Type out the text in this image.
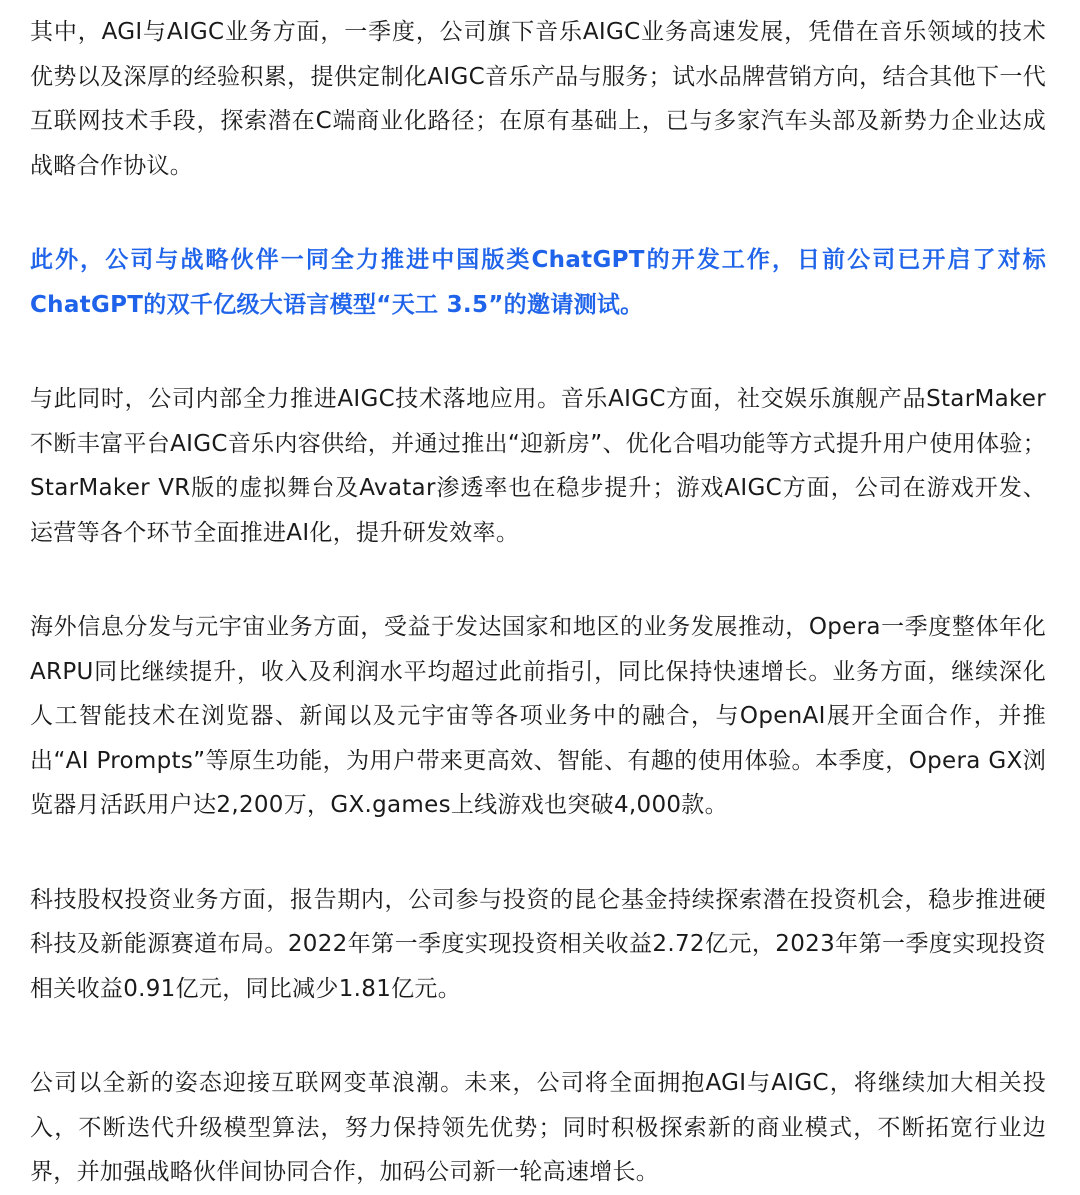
其中，AGI与AIGC业务方面，一季度，公司旗下音乐AIGC业务高速发展，凭借在音乐领域的技术优势以及深厚的经验积累，提供定制化AIGC音乐产品与服务；试水品牌营销方向，结合其他下一代互联网技术手段，探索潜在C端商业化路径；在原有基础上，已与多家汽车头部及新势力企业达成战略合作协议。

此外，公司与战略伙伴一同全力推进中国版类ChatGPT的开发工作，日前公司已开启了对标ChatGPT的双千亿级大语言模型“天工 3.5”的邀请测试。

与此同时，公司内部全力推进AIGC技术落地应用。音乐AIGC方面，社交娱乐旗舰产品StarMaker不断丰富平台AIGC音乐内容供给，并通过推出“迎新房”、优化合唱功能等方式提升用户使用体验；StarMaker VR版的虚拟舞台及Avatar渗透率也在稳步提升；游戏AIGC方面，公司在游戏开发、运营等各个环节全面推进AI化，提升研发效率。

海外信息分发与元宇宙业务方面，受益于发达国家和地区的业务发展推动，Opera一季度整体年化ARPU同比继续提升，收入及利润水平均超过此前指引，同比保持快速增长。业务方面，继续深化人工智能技术在浏览器、新闻以及元宇宙等各项业务中的融合，与OpenAI展开全面合作，并推出“AI Prompts”等原生功能，为用户带来更高效、智能、有趣的使用体验。本季度，Opera GX浏览器月活跃用户达2,200万，GX.games上线游戏也突破4,000款。

科技股权投资业务方面，报告期内，公司参与投资的昆仑基金持续探索潜在投资机会，稳步推进硬科技及新能源赛道布局。2022年第一季度实现投资相关收益2.72亿元，2023年第一季度实现投资相关收益0.91亿元，同比减少1.81亿元。

公司以全新的姿态迎接互联网变革浪潮。未来，公司将全面拥抱AGI与AIGC，将继续加大相关投入，不断迭代升级模型算法，努力保持领先优势；同时积极探索新的商业模式，不断拓宽行业边界，并加强战略伙伴间协同合作，加码公司新一轮高速增长。
